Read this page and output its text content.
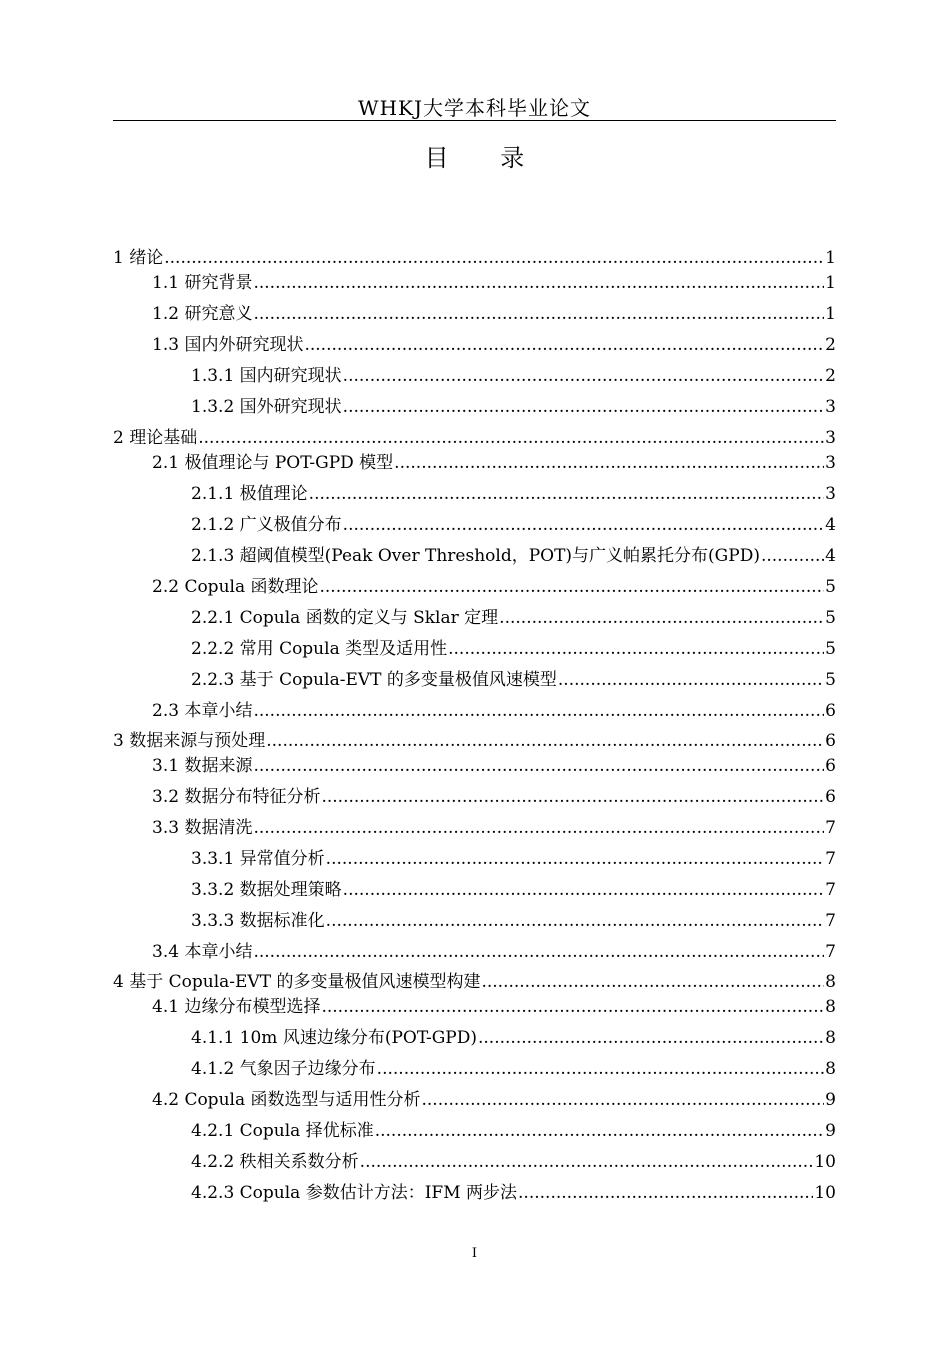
WHKJ大学本科毕业论文
目 录
1 绪论 .....	1
1.1 研究背景 .....	1
1.2 研究意义 .....	1
1.3 国内外研究现状 .....	2
1.3.1 国内研究现状 .....	2
1.3.2 国外研究现状 .....	3
2 理论基础 .....	3
2.1 极值理论与 POT-GPD 模型 .....	3
2.1.1 极值理论 .....	3
2.1.2 广义极值分布 .....	4
2.1.3 超阈值模型(Peak Over Threshold，POT)与广义帕累托分布(GPD) .....	4
2.2 Copula 函数理论 .....	5
2.2.1 Copula 函数的定义与 Sklar 定理 .....	5
2.2.2 常用 Copula 类型及适用性 .....	5
2.2.3 基于 Copula-EVT 的多变量极值风速模型 .....	5
2.3 本章小结 .....	6
3 数据来源与预处理 .....	6
3.1 数据来源 .....	6
3.2 数据分布特征分析 .....	6
3.3 数据清洗 .....	7
3.3.1 异常值分析 .....	7
3.3.2 数据处理策略 .....	7
3.3.3 数据标准化 .....	7
3.4 本章小结 .....	7
4 基于 Copula-EVT 的多变量极值风速模型构建 .....	8
4.1 边缘分布模型选择 .....	8
4.1.1 10m 风速边缘分布(POT-GPD) .....	8
4.1.2 气象因子边缘分布 .....	8
4.2 Copula 函数选型与适用性分析 .....	9
4.2.1 Copula 择优标准 .....	9
4.2.2 秩相关系数分析 .....	10
4.2.3 Copula 参数估计方法：IFM 两步法 .....	10
I
